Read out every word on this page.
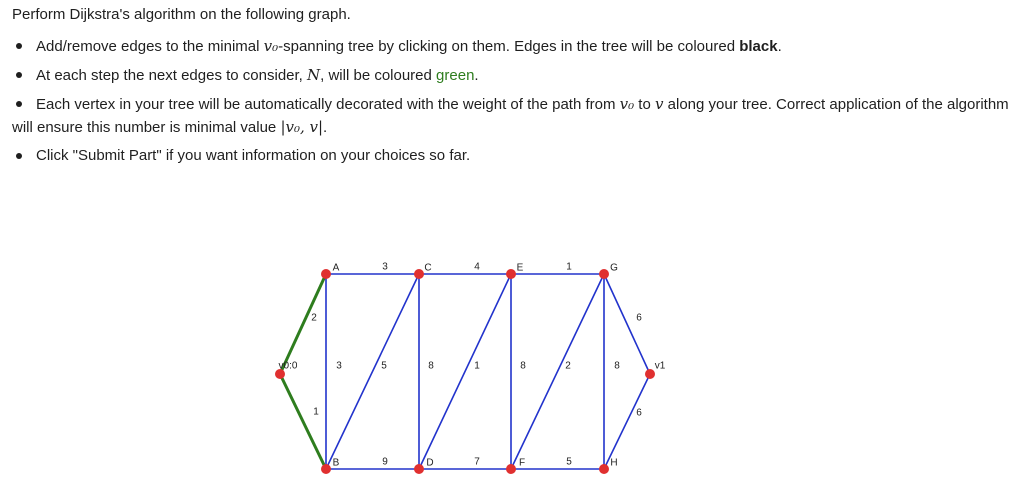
Perform Dijkstra's algorithm on the following graph.

Add/remove edges to the minimal v₀-spanning tree by clicking on them. Edges in the tree will be coloured black.
At each step the next edges to consider, N, will be coloured green.
Each vertex in your tree will be automatically decorated with the weight of the path from v₀ to v along your tree. Correct application of the algorithm will ensure this number is minimal value |v₀, v|.
Click "Submit Part" if you want information on your choices so far.
2
1
3
3	5
9
8
4
1
7
8
1
2
5
8
6
6
v0:0
A
B
C
D
E
F
G
H
v1
